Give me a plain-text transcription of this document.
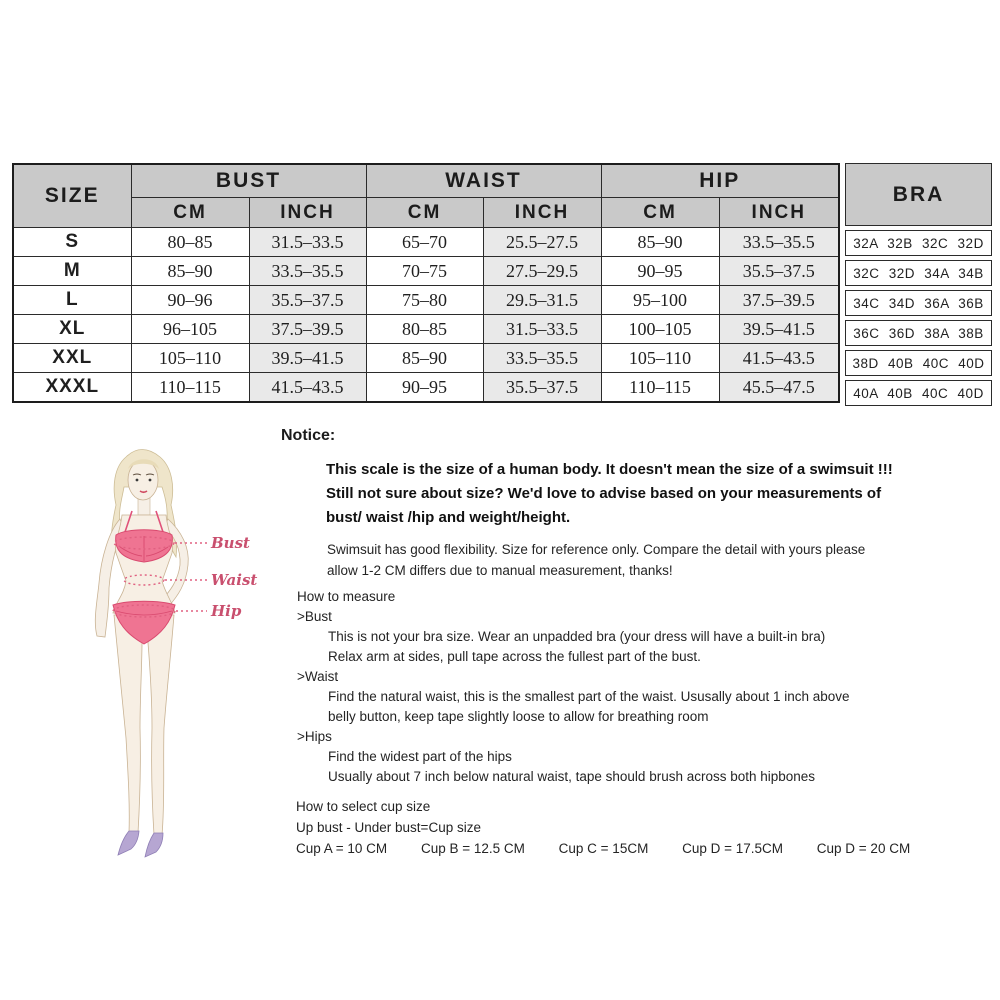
SIZE	BUST		WAIST		HIP	
	CM	INCH	CM	INCH	CM	INCH
S	80–85	31.5–33.5	65–70	25.5–27.5	85–90	33.5–35.5
M	85–90	33.5–35.5	70–75	27.5–29.5	90–95	35.5–37.5
L	90–96	35.5–37.5	75–80	29.5–31.5	95–100	37.5–39.5
XL	96–105	37.5–39.5	80–85	31.5–33.5	100–105	39.5–41.5
XXL	105–110	39.5–41.5	85–90	33.5–35.5	105–110	41.5–43.5
XXXL	110–115	41.5–43.5	90–95	35.5–37.5	110–115	45.5–47.5
BRA
32A 32B 32C 32D
32C 32D 34A 34B
34C 34D 36A 36B
36C 36D 38A 38B
38D 40B 40C 40D
40A 40B 40C 40D
Bust
Waist
Hip
Notice:
This scale is the size of a human body. It doesn't mean the size of a swimsuit !!!
Still not sure about size? We'd love to advise based on your measurements of
bust/ waist /hip and weight/height.
Swimsuit has good flexibility. Size for reference only. Compare the detail with yours please
allow 1-2 CM differs due to manual measurement, thanks!
How to measure
>Bust
This is not your bra size. Wear an unpadded bra (your dress will have a built-in bra)
Relax arm at sides, pull tape across the fullest part of the bust.
>Waist
Find the natural waist, this is the smallest part of the waist. Ususally about 1 inch above
belly button, keep tape slightly loose to allow for breathing room
>Hips
Find the widest part of the hips
Usually about 7 inch below natural waist, tape should brush across both hipbones
How to select cup size
Up bust - Under bust=Cup size
Cup A = 10 CM	Cup B = 12.5 CM	Cup C = 15CM	Cup D = 17.5CM	Cup D = 20 CM
